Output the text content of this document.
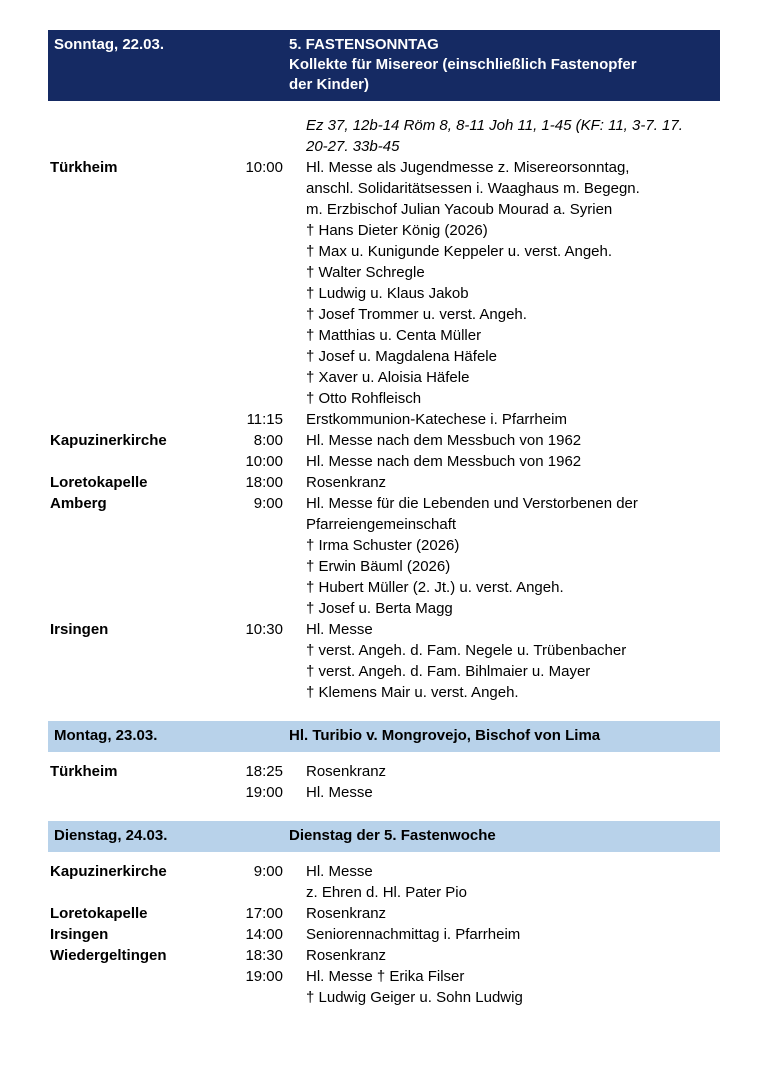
Sonntag, 22.03.	5. FASTENSONNTAG
Kollekte für Misereor (einschließlich Fastenopfer
der Kinder)
Ez 37, 12b-14 Röm 8, 8-11 Joh 11, 1-45 (KF: 11, 3-7. 17.
20-27. 33b-45
Türkheim	10:00 Hl. Messe als Jugendmesse z. Misereorsonntag,
anschl. Solidaritätsessen i. Waaghaus m. Begegn.
m. Erzbischof Julian Yacoub Mourad a. Syrien
† Hans Dieter König (2026)
† Max u. Kunigunde Keppeler u. verst. Angeh.
† Walter Schregle
† Ludwig u. Klaus Jakob
† Josef Trommer u. verst. Angeh.
† Matthias u. Centa Müller
† Josef u. Magdalena Häfele
† Xaver u. Aloisia Häfele
† Otto Rohfleisch
11:15 Erstkommunion-Katechese i. Pfarrheim
Kapuzinerkirche	8:00 Hl. Messe nach dem Messbuch von 1962
10:00 Hl. Messe nach dem Messbuch von 1962
Loretokapelle	18:00 Rosenkranz
Amberg	9:00 Hl. Messe für die Lebenden und Verstorbenen der
Pfarreiengemeinschaft
† Irma Schuster (2026)
† Erwin Bäuml (2026)
† Hubert Müller (2. Jt.) u. verst. Angeh.
† Josef u. Berta Magg
Irsingen	10:30 Hl. Messe
† verst. Angeh. d. Fam. Negele u. Trübenbacher
† verst. Angeh. d. Fam. Bihlmaier u. Mayer
† Klemens Mair u. verst. Angeh.
Montag, 23.03.	Hl. Turibio v. Mongrovejo, Bischof von Lima
Türkheim	18:25 Rosenkranz
19:00 Hl. Messe
Dienstag, 24.03.	Dienstag der 5. Fastenwoche
Kapuzinerkirche	9:00 Hl. Messe
z. Ehren d. Hl. Pater Pio
Loretokapelle	17:00 Rosenkranz
Irsingen	14:00 Seniorennachmittag i. Pfarrheim
Wiedergeltingen	18:30 Rosenkranz
19:00 Hl. Messe † Erika Filser
† Ludwig Geiger u. Sohn Ludwig
